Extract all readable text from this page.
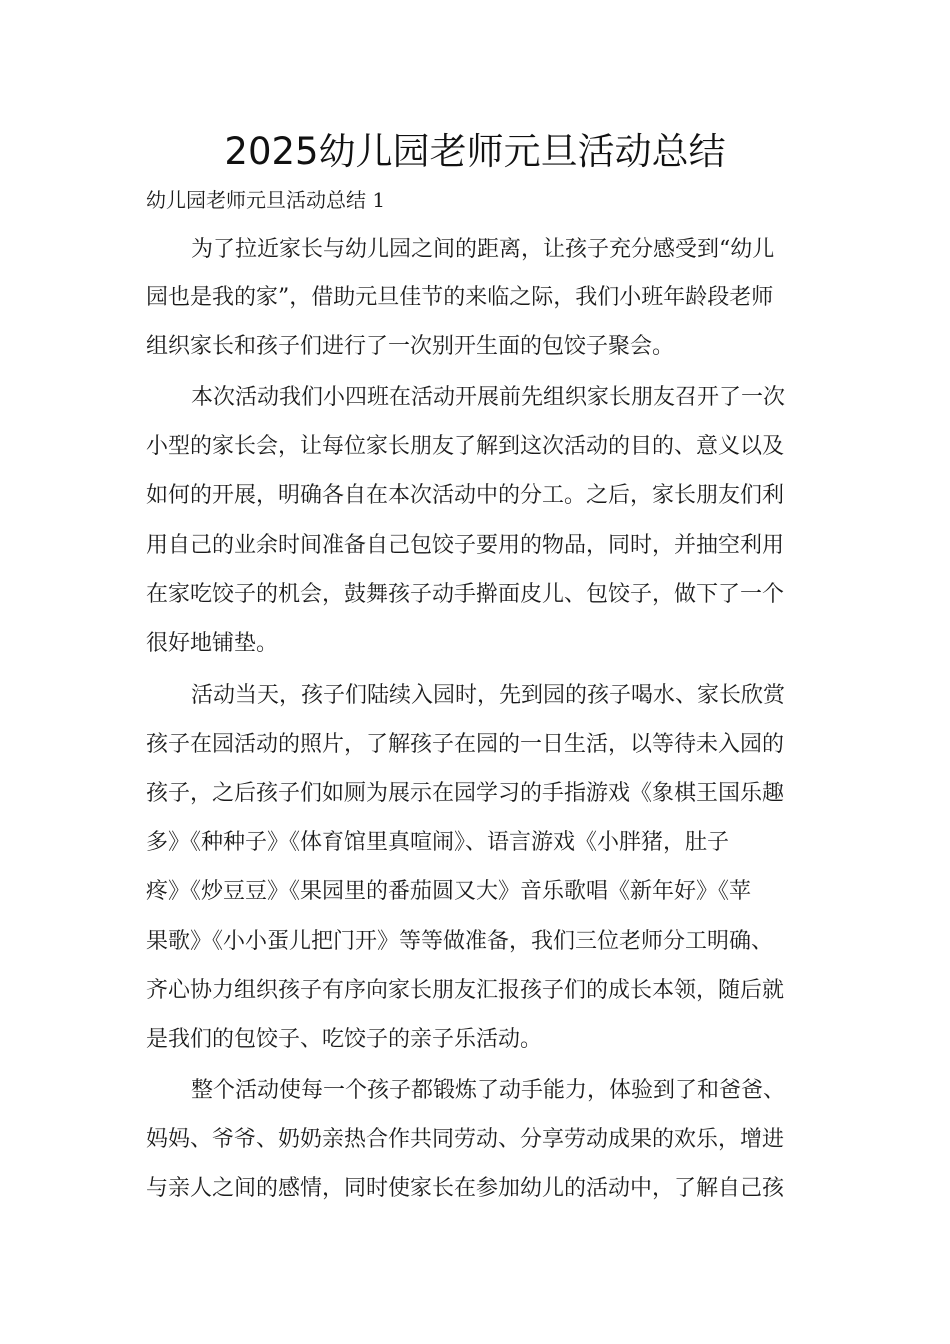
2025幼儿园老师元旦活动总结
幼儿园老师元旦活动总结 1
为了拉近家长与幼儿园之间的距离，让孩子充分感受到“幼儿
园也是我的家”，借助元旦佳节的来临之际，我们小班年龄段老师
组织家长和孩子们进行了一次别开生面的包饺子聚会。
本次活动我们小四班在活动开展前先组织家长朋友召开了一次
小型的家长会，让每位家长朋友了解到这次活动的目的、意义以及
如何的开展，明确各自在本次活动中的分工。之后，家长朋友们利
用自己的业余时间准备自己包饺子要用的物品，同时，并抽空利用
在家吃饺子的机会，鼓舞孩子动手擀面皮儿、包饺子，做下了一个
很好地铺垫。
活动当天，孩子们陆续入园时，先到园的孩子喝水、家长欣赏
孩子在园活动的照片，了解孩子在园的一日生活，以等待未入园的
孩子，之后孩子们如厕为展示在园学习的手指游戏《象棋王国乐趣
多》《种种子》《体育馆里真喧闹》、语言游戏《小胖猪，肚子
疼》《炒豆豆》《果园里的番茄圆又大》音乐歌唱《新年好》《苹
果歌》《小小蛋儿把门开》等等做准备，我们三位老师分工明确、
齐心协力组织孩子有序向家长朋友汇报孩子们的成长本领，随后就
是我们的包饺子、吃饺子的亲子乐活动。
整个活动使每一个孩子都锻炼了动手能力，体验到了和爸爸、
妈妈、爷爷、奶奶亲热合作共同劳动、分享劳动成果的欢乐，增进
与亲人之间的感情，同时使家长在参加幼儿的活动中，了解自己孩
